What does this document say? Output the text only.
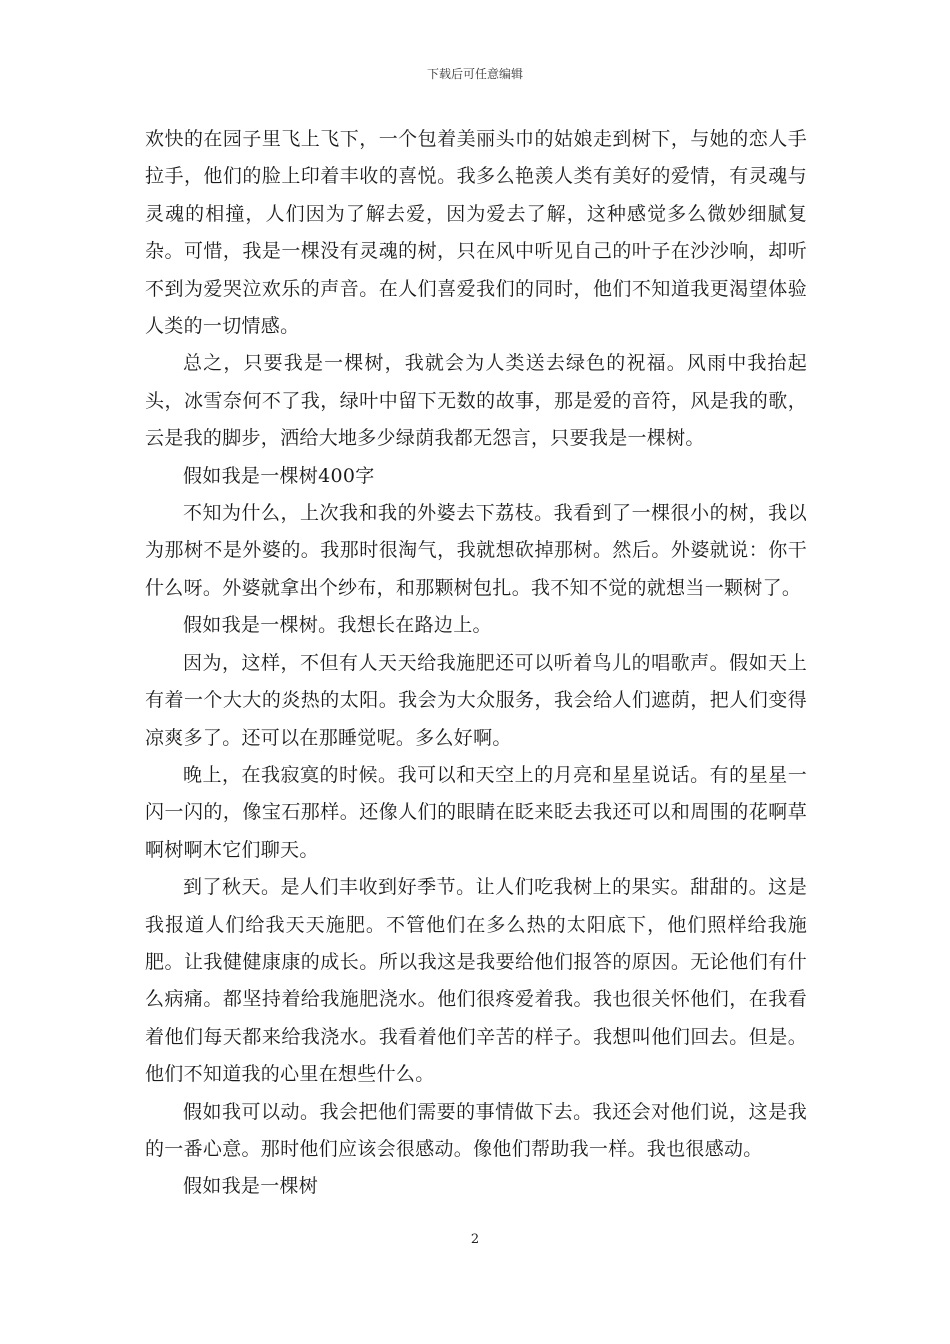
下载后可任意编辑

欢快的在园子里飞上飞下，一个包着美丽头巾的姑娘走到树下，与她的恋人手拉手，他们的脸上印着丰收的喜悦。我多么艳羡人类有美好的爱情，有灵魂与灵魂的相撞，人们因为了解去爱，因为爱去了解，这种感觉多么微妙细腻复杂。可惜，我是一棵没有灵魂的树，只在风中听见自己的叶子在沙沙响，却听不到为爱哭泣欢乐的声音。在人们喜爱我们的同时，他们不知道我更渴望体验人类的一切情感。

总之，只要我是一棵树，我就会为人类送去绿色的祝福。风雨中我抬起头，冰雪奈何不了我，绿叶中留下无数的故事，那是爱的音符，风是我的歌，云是我的脚步，洒给大地多少绿荫我都无怨言，只要我是一棵树。

假如我是一棵树400字

不知为什么，上次我和我的外婆去下荔枝。我看到了一棵很小的树，我以为那树不是外婆的。我那时很淘气，我就想砍掉那树。然后。外婆就说：你干什么呀。外婆就拿出个纱布，和那颗树包扎。我不知不觉的就想当一颗树了。

假如我是一棵树。我想长在路边上。

因为，这样，不但有人天天给我施肥还可以听着鸟儿的唱歌声。假如天上有着一个大大的炎热的太阳。我会为大众服务，我会给人们遮荫，把人们变得凉爽多了。还可以在那睡觉呢。多么好啊。

晚上，在我寂寞的时候。我可以和天空上的月亮和星星说话。有的星星一闪一闪的，像宝石那样。还像人们的眼睛在眨来眨去我还可以和周围的花啊草啊树啊木它们聊天。

到了秋天。是人们丰收到好季节。让人们吃我树上的果实。甜甜的。这是我报道人们给我天天施肥。不管他们在多么热的太阳底下，他们照样给我施肥。让我健健康康的成长。所以我这是我要给他们报答的原因。无论他们有什么病痛。都坚持着给我施肥浇水。他们很疼爱着我。我也很关怀他们，在我看着他们每天都来给我浇水。我看着他们辛苦的样子。我想叫他们回去。但是。他们不知道我的心里在想些什么。

假如我可以动。我会把他们需要的事情做下去。我还会对他们说，这是我的一番心意。那时他们应该会很感动。像他们帮助我一样。我也很感动。

假如我是一棵树

2
